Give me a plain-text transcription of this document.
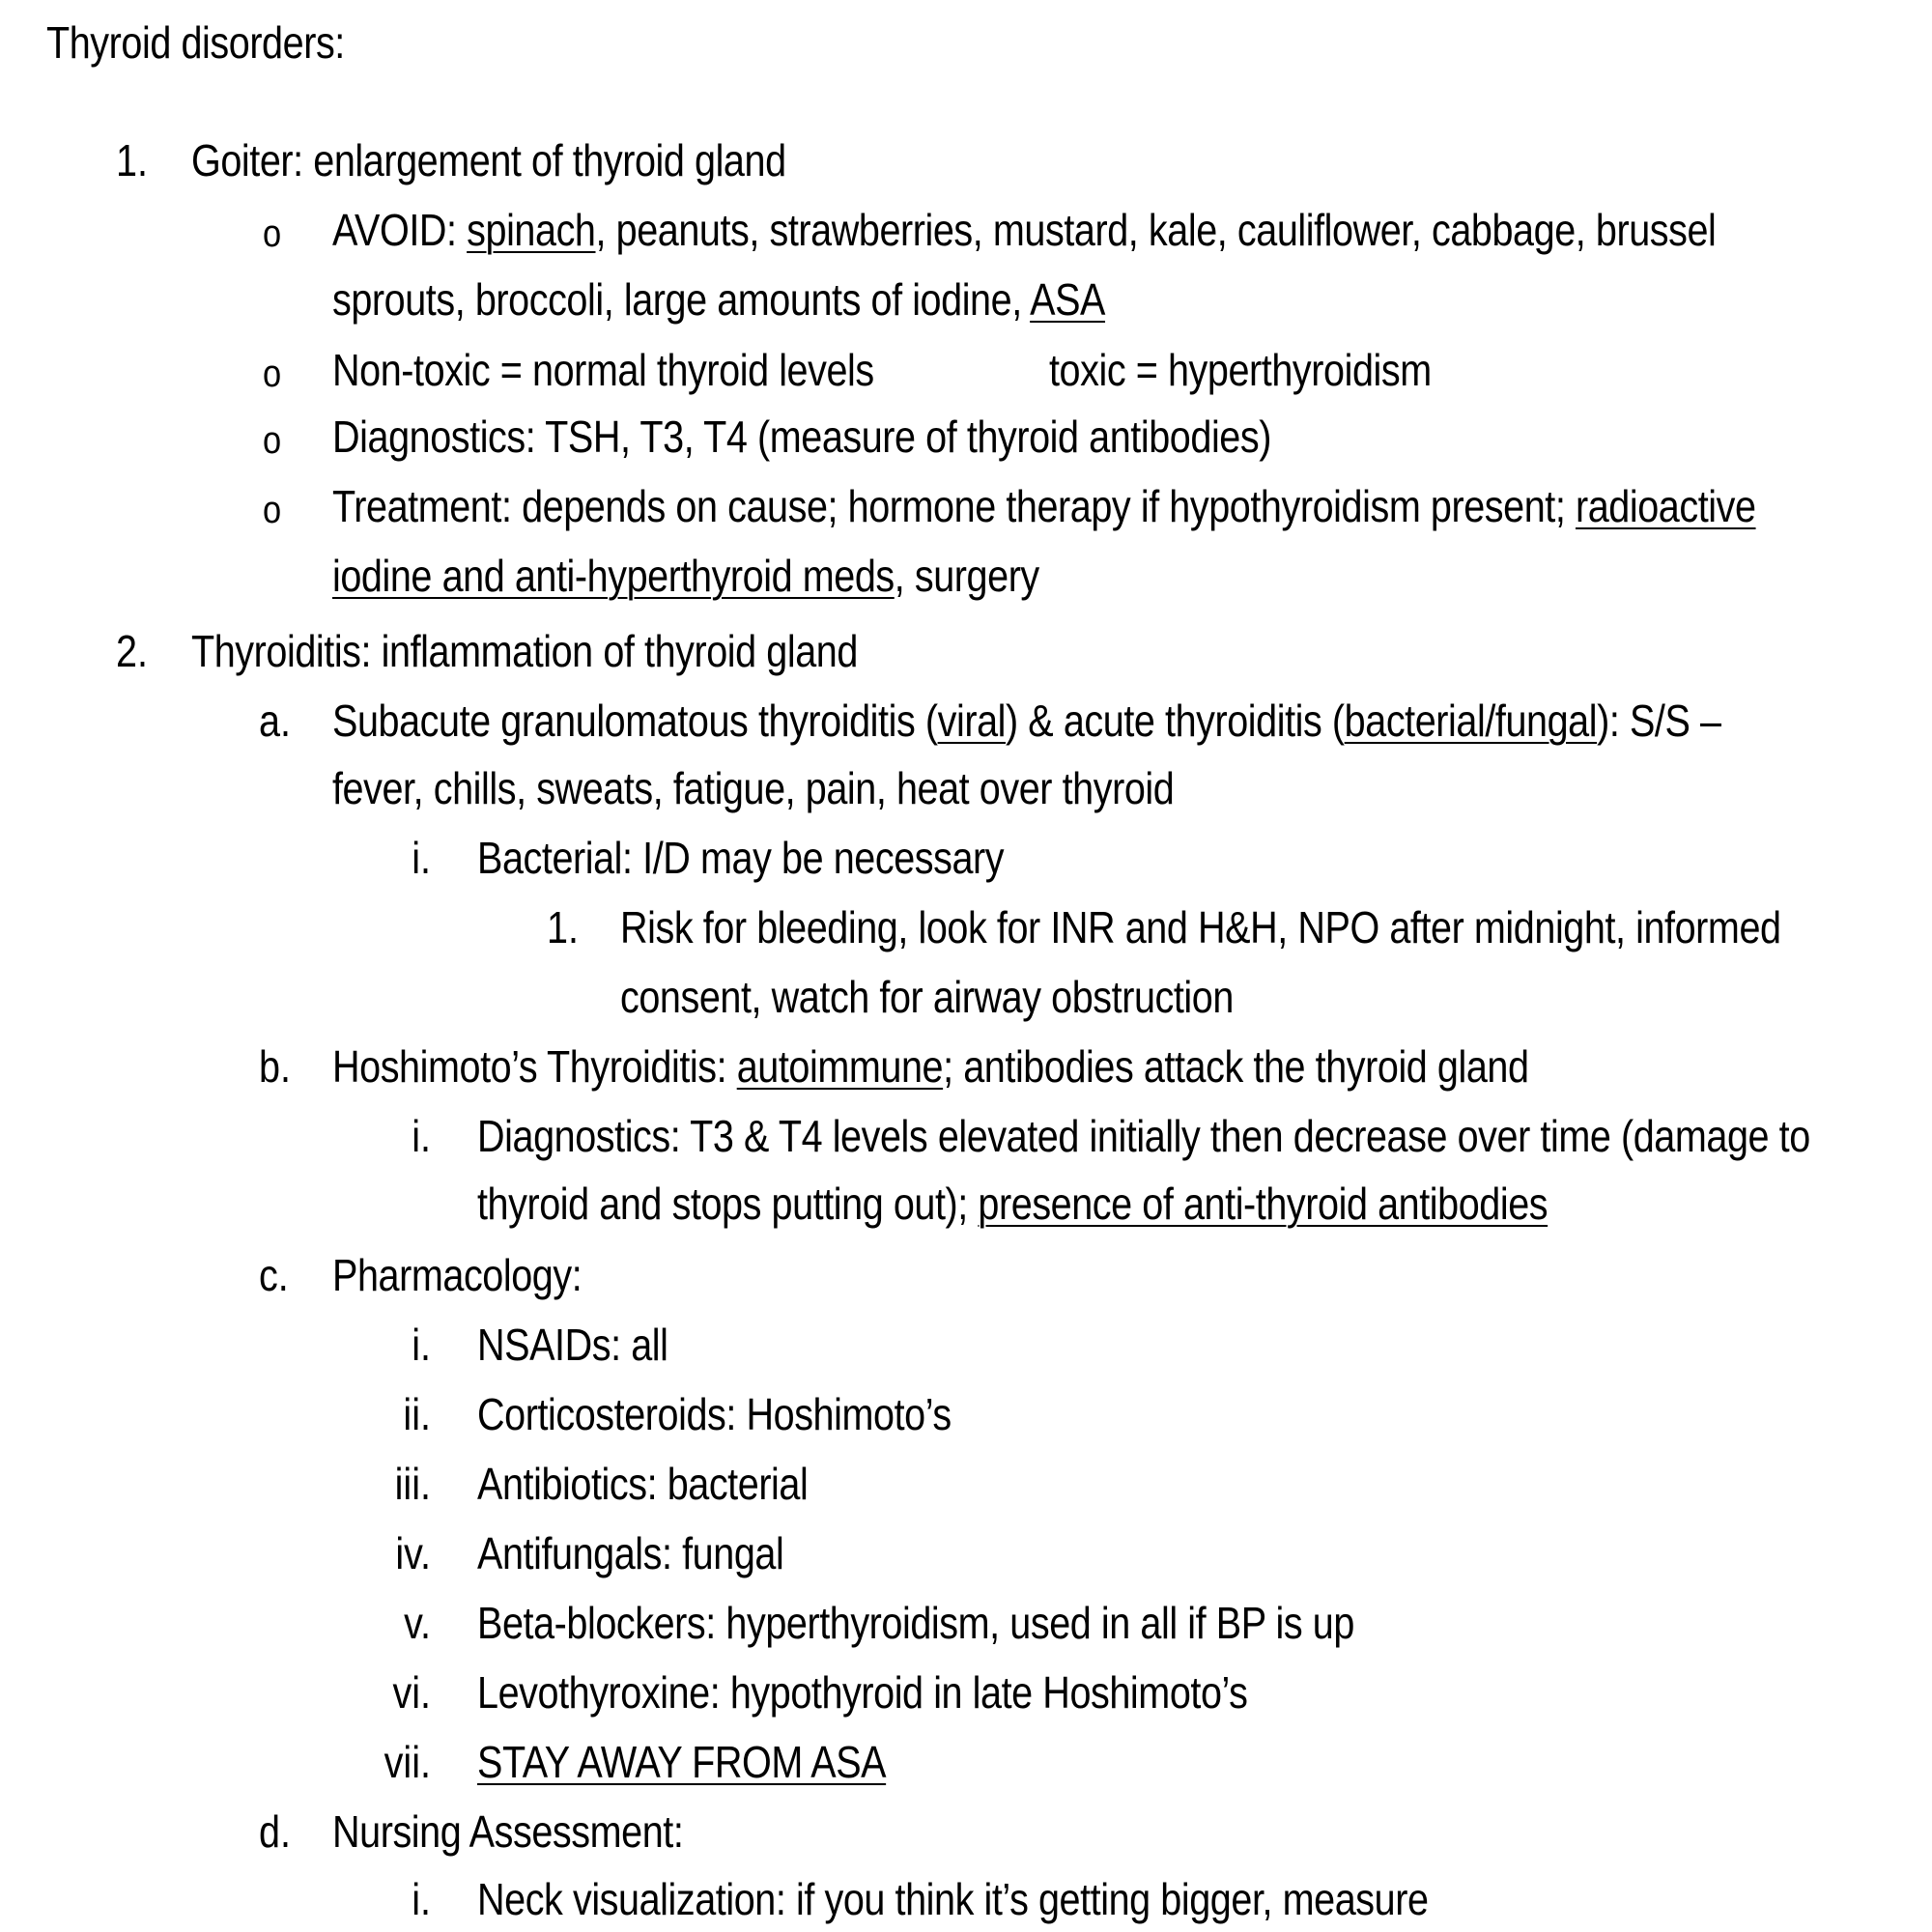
Thyroid disorders:
1. Goiter: enlargement of thyroid gland
o AVOID: spinach, peanuts, strawberries, mustard, kale, cauliflower, cabbage, brussel
sprouts, broccoli, large amounts of iodine, ASA
o Non-toxic = normal thyroid levels	toxic = hyperthyroidism
o Diagnostics: TSH, T3, T4 (measure of thyroid antibodies)
o Treatment: depends on cause; hormone therapy if hypothyroidism present; radioactive
iodine and anti-hyperthyroid meds, surgery
2. Thyroiditis: inflammation of thyroid gland
a. Subacute granulomatous thyroiditis (viral) & acute thyroiditis (bacterial/fungal): S/S –
fever, chills, sweats, fatigue, pain, heat over thyroid
i. Bacterial: I/D may be necessary
1. Risk for bleeding, look for INR and H&H, NPO after midnight, informed
consent, watch for airway obstruction
b. Hoshimoto’s Thyroiditis: autoimmune; antibodies attack the thyroid gland
i. Diagnostics: T3 & T4 levels elevated initially then decrease over time (damage to
thyroid and stops putting out); presence of anti-thyroid antibodies
c. Pharmacology:
i. NSAIDs: all
ii. Corticosteroids: Hoshimoto’s
iii. Antibiotics: bacterial
iv. Antifungals: fungal
v. Beta-blockers: hyperthyroidism, used in all if BP is up
vi. Levothyroxine: hypothyroid in late Hoshimoto’s
vii. STAY AWAY FROM ASA
d. Nursing Assessment:
i. Neck visualization: if you think it’s getting bigger, measure
